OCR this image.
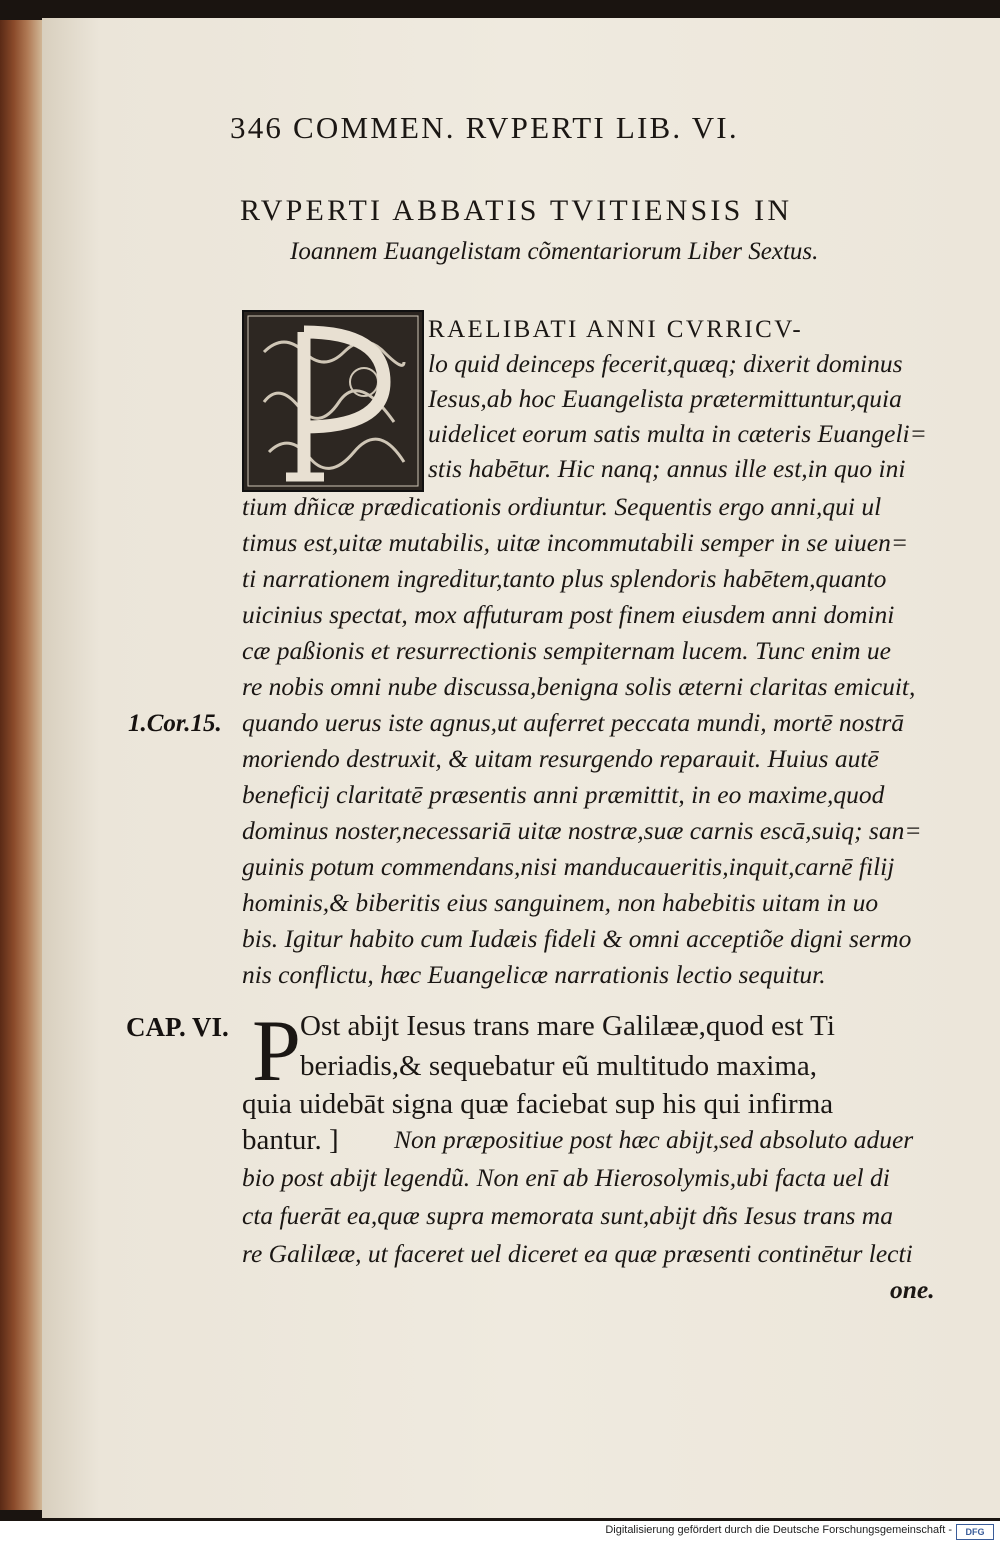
346 COMMEN. RVPERTI LIB. VI.
RVPERTI ABBATIS TVITIENSIS IN
Ioannem Euangelistam cõmentariorum Liber Sextus.
RAELIBATI ANNI CVRRICV-
lo quid deinceps fecerit,quæq; dixerit dominus
Iesus,ab hoc Euangelista prætermittuntur,quia
uidelicet eorum satis multa in cæteris Euangeli=
stis habētur. Hic nanq; annus ille est,in quo ini
tium dñicæ prædicationis ordiuntur. Sequentis ergo anni,qui ul
timus est,uitæ mutabilis, uitæ incommutabili semper in se uiuen=
ti narrationem ingreditur,tanto plus splendoris habētem,quanto
uicinius spectat, mox affuturam post finem eiusdem anni domini
cæ paßionis et resurrectionis sempiternam lucem. Tunc enim ue
re nobis omni nube discussa,benigna solis æterni claritas emicuit,
quando uerus iste agnus,ut auferret peccata mundi, mortē nostrā
moriendo destruxit, & uitam resurgendo reparauit. Huius autē
beneficij claritatē præsentis anni præmittit, in eo maxime,quod
dominus noster,necessariā uitæ nostræ,suæ carnis escā,suiq; san=
guinis potum commendans,nisi manducaueritis,inquit,carnē filij
hominis,& biberitis eius sanguinem, non habebitis uitam in uo
bis. Igitur habito cum Iudæis fideli & omni acceptiõe digni sermo
nis conflictu, hæc Euangelicæ narrationis lectio sequitur.
1.Cor.15.
CAP. VI. P Ost abijt Iesus trans mare Galilææ,quod est Ti
beriadis,& sequebatur eũ multitudo maxima,
quia uidebāt signa quæ faciebat sup his qui infirma
bantur. ] Non præpositiue post hæc abijt,sed absoluto aduer
bio post abijt legendũ. Non enī ab Hierosolymis,ubi facta uel di
cta fuerāt ea,quæ supra memorata sunt,abijt dñs Iesus trans ma
re Galilææ, ut faceret uel diceret ea quæ præsenti continētur lecti
one.
Digitalisierung gefördert durch die Deutsche Forschungsgemeinschaft -	DFG
